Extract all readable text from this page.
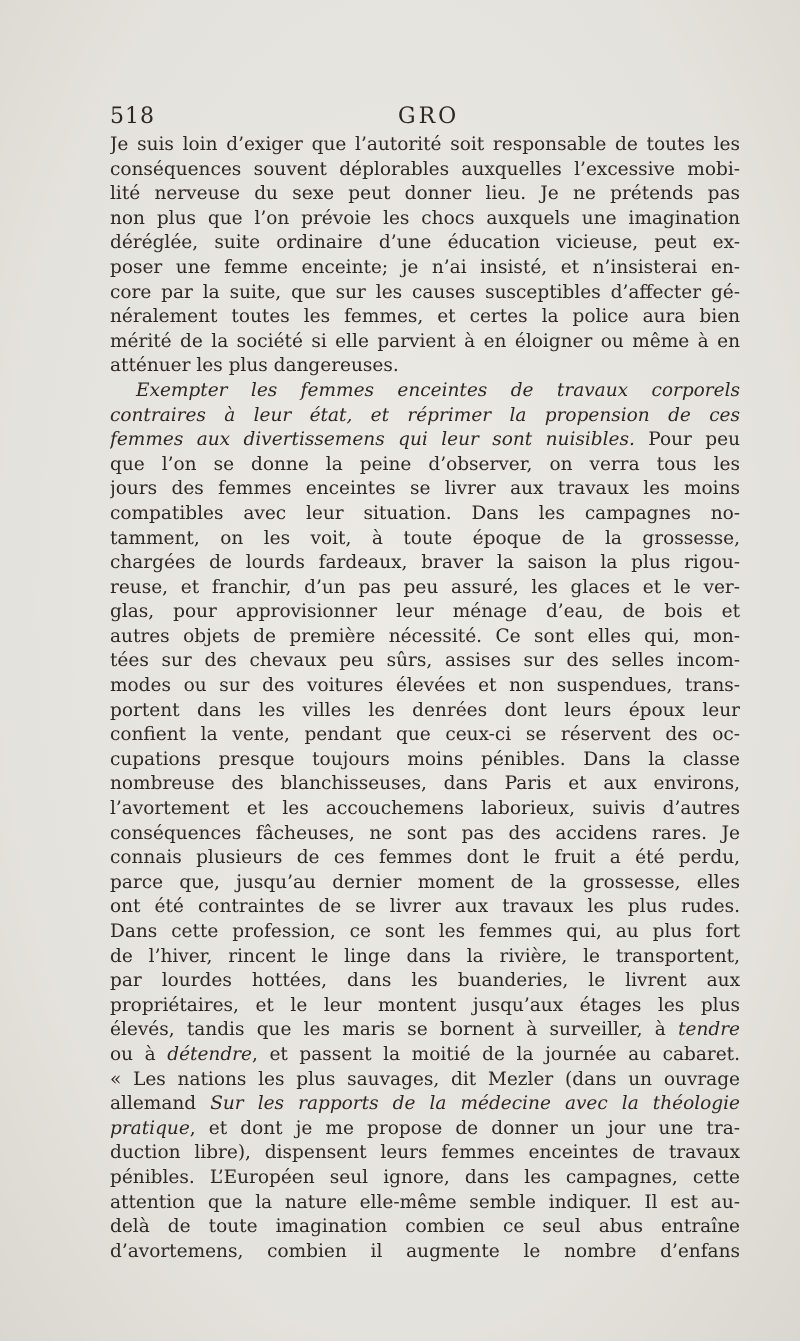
518	GRO
Je suis loin d’exiger que l’autorité soit responsable de toutes les
conséquences souvent déplorables auxquelles l’excessive mobi-
lité nerveuse du sexe peut donner lieu. Je ne prétends pas
non plus que l’on prévoie les chocs auxquels une imagination
déréglée, suite ordinaire d’une éducation vicieuse, peut ex-
poser une femme enceinte; je n’ai insisté, et n’insisterai en-
core par la suite, que sur les causes susceptibles d’affecter gé-
néralement toutes les femmes, et certes la police aura bien
mérité de la société si elle parvient à en éloigner ou même à en
atténuer les plus dangereuses.
Exempter les femmes enceintes de travaux corporels
contraires à leur état, et réprimer la propension de ces
femmes aux divertissemens qui leur sont nuisibles. Pour peu
que l’on se donne la peine d’observer, on verra tous les
jours des femmes enceintes se livrer aux travaux les moins
compatibles avec leur situation. Dans les campagnes no-
tamment, on les voit, à toute époque de la grossesse,
chargées de lourds fardeaux, braver la saison la plus rigou-
reuse, et franchir, d’un pas peu assuré, les glaces et le ver-
glas, pour approvisionner leur ménage d’eau, de bois et
autres objets de première nécessité. Ce sont elles qui, mon-
tées sur des chevaux peu sûrs, assises sur des selles incom-
modes ou sur des voitures élevées et non suspendues, trans-
portent dans les villes les denrées dont leurs époux leur
confient la vente, pendant que ceux-ci se réservent des oc-
cupations presque toujours moins pénibles. Dans la classe
nombreuse des blanchisseuses, dans Paris et aux environs,
l’avortement et les accouchemens laborieux, suivis d’autres
conséquences fâcheuses, ne sont pas des accidens rares. Je
connais plusieurs de ces femmes dont le fruit a été perdu,
parce que, jusqu’au dernier moment de la grossesse, elles
ont été contraintes de se livrer aux travaux les plus rudes.
Dans cette profession, ce sont les femmes qui, au plus fort
de l’hiver, rincent le linge dans la rivière, le transportent,
par lourdes hottées, dans les buanderies, le livrent aux
propriétaires, et le leur montent jusqu’aux étages les plus
élevés, tandis que les maris se bornent à surveiller, à tendre
ou à détendre, et passent la moitié de la journée au cabaret.
« Les nations les plus sauvages, dit Mezler (dans un ouvrage
allemand Sur les rapports de la médecine avec la théologie
pratique, et dont je me propose de donner un jour une tra-
duction libre), dispensent leurs femmes enceintes de travaux
pénibles. L’Européen seul ignore, dans les campagnes, cette
attention que la nature elle-même semble indiquer. Il est au-
delà de toute imagination combien ce seul abus entraîne
d’avortemens, combien il augmente le nombre d’enfans
